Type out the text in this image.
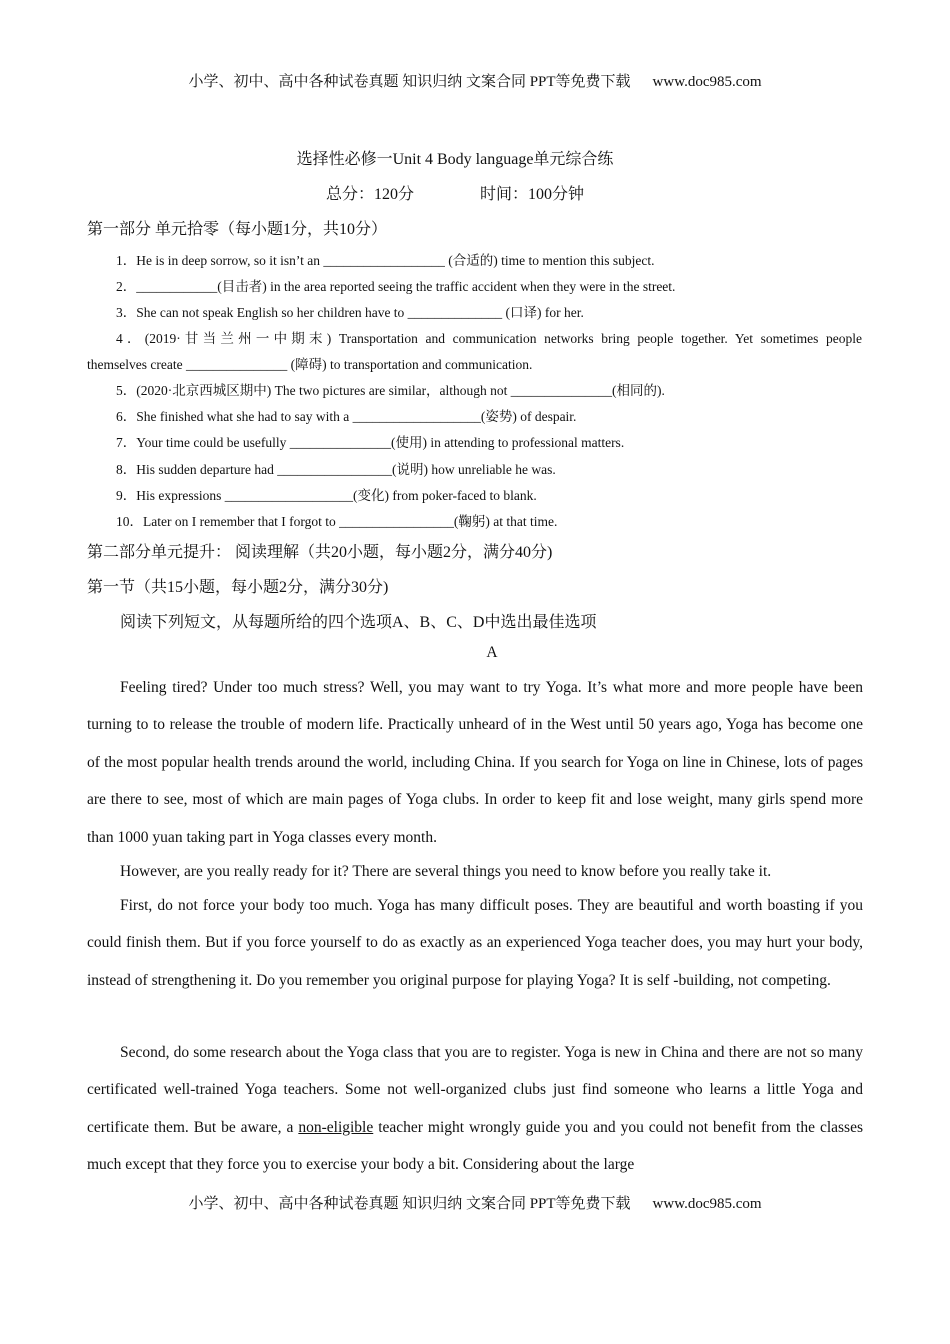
小学、初中、高中各种试卷真题 知识归纳 文案合同 PPT等免费下载 www.doc985.com
选择性必修一Unit 4 Body language单元综合练
总分：120分	时间：100分钟
第一部分 单元拾零（每小题1分，共10分）
1．He is in deep sorrow, so it isn’t an __________________ (合适的) time to mention this subject.
2．____________(目击者) in the area reported seeing the traffic accident when they were in the street.
3．She can not speak English so her children have to ______________ (口译) for her.
4．(2019·甘当兰州一中期末) Transportation and communication networks bring people together. Yet sometimes people
themselves create _______________ (障碍) to transportation and communication.
5．(2020·北京西城区期中) The two pictures are similar，although not _______________(相同的).
6．She finished what she had to say with a ___________________(姿势) of despair.
7．Your time could be usefully _______________(使用) in attending to professional matters.
8．His sudden departure had _________________(说明) how unreliable he was.
9．His expressions ___________________(变化) from poker-faced to blank.
10．Later on I remember that I forgot to _________________(鞠躬) at that time.
第二部分单元提升： 阅读理解（共20小题，每小题2分，满分40分)
第一节（共15小题，每小题2分，满分30分)
阅读下列短文，从每题所给的四个选项A、B、C、D中选出最佳选项
A
Feeling tired? Under too much stress? Well, you may want to try Yoga. It’s what more and more people have been turning to to release the trouble of modern life. Practically unheard of in the West until 50 years ago, Yoga has become one of the most popular health trends around the world, including China. If you search for Yoga on line in Chinese, lots of pages are there to see, most of which are main pages of Yoga clubs. In order to keep fit and lose weight, many girls spend more than 1000 yuan taking part in Yoga classes every month.
However, are you really ready for it? There are several things you need to know before you really take it.
First, do not force your body too much. Yoga has many difficult poses. They are beautiful and worth boasting if you could finish them. But if you force yourself to do as exactly as an experienced Yoga teacher does, you may hurt your body, instead of strengthening it. Do you remember you original purpose for playing Yoga? It is self -building, not competing.
Second, do some research about the Yoga class that you are to register. Yoga is new in China and there are not so many certificated well-trained Yoga teachers. Some not well-organized clubs just find someone who learns a little Yoga and certificate them. But be aware, a non-eligible teacher might wrongly guide you and you could not benefit from the classes much except that they force you to exercise your body a bit. Considering about the large
小学、初中、高中各种试卷真题 知识归纳 文案合同 PPT等免费下载 www.doc985.com
